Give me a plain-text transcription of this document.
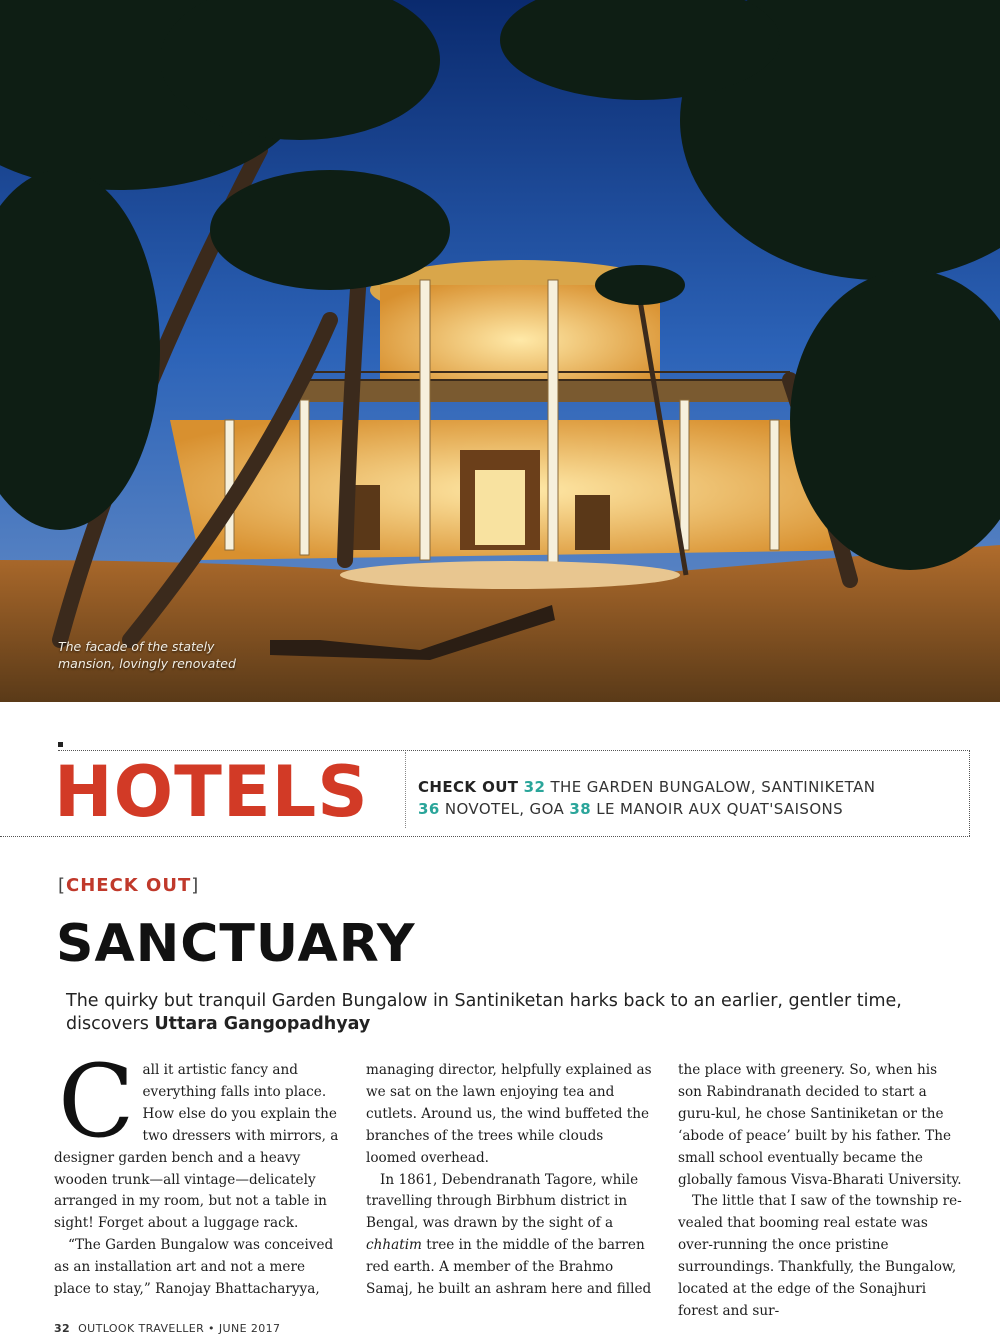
The facade of the stately
mansion, lovingly renovated
HOTELS	CHECK OUT 32 THE GARDEN BUNGALOW, SANTINIKETAN
36 NOVOTEL, GOA 38 LE MANOIR AUX QUAT'SAISONS
[CHECK OUT]
SANCTUARY
The quirky but tranquil Garden Bungalow in Santiniketan harks back to an earlier, gentler time, discovers Uttara Gangopadhyay

Call it artistic fancy and everything falls into place. How else do you explain the two dressers with mirrors, a designer garden bench and a heavy wooden trunk—all vintage—delicately arranged in my room, but not a table in sight! Forget about a luggage rack.

“The Garden Bungalow was conceived as an installation art and not a mere place to stay,” Ranojay Bhattacharyya,

managing director, helpfully explained as we sat on the lawn enjoying tea and cutlets. Around us, the wind buffeted the branches of the trees while clouds loomed overhead.

In 1861, Debendranath Tagore, while travelling through Birbhum district in Bengal, was drawn by the sight of a chhatim tree in the middle of the barren red earth. A member of the Brahmo Samaj, he built an ashram here and filled

the place with greenery. So, when his son Rabindranath decided to start a guru-kul, he chose Santiniketan or the ‘abode of peace’ built by his father. The small school eventually became the globally famous Visva-Bharati University.

The little that I saw of the township re-vealed that booming real estate was over-running the once pristine surroundings. Thankfully, the Bungalow, located at the edge of the Sonajhuri forest and sur-

32 OUTLOOK TRAVELLER • JUNE 2017
